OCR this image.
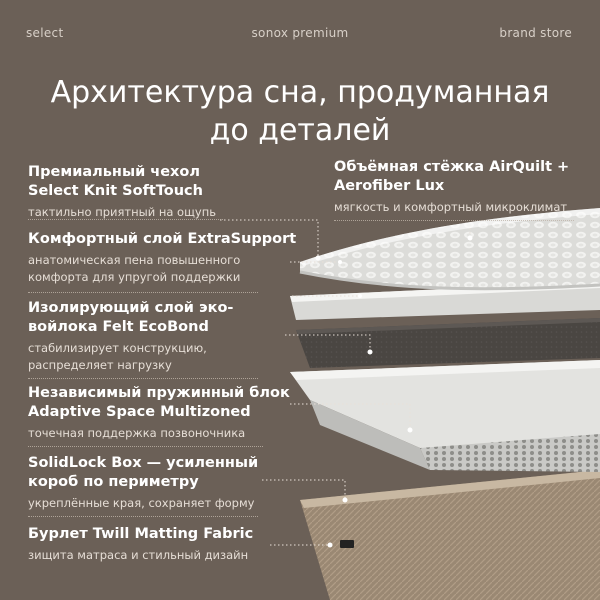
select	sonox premium	brand store
Архитектура сна, продуманная
до деталей
Премиальный чехол
Select Knit SoftTouch
тактильно приятный на ощупь
Комфортный слой ExtraSupport
анатомическая пена повышенного
комфорта для упругой поддержки
Изолирующий слой эко-
войлока Felt EcoBond
стабилизирует конструкцию,
распределяет нагрузку
Независимый пружинный блок
Adaptive Space Multizoned
точечная поддержка позвоночника
SolidLock Box — усиленный
короб по периметру
укреплённые края, сохраняет форму
Бурлет Twill Matting Fabric
зищита матраса и стильный дизайн
Объёмная стёжка AirQuilt +
Aerofiber Lux
мягкость и комфортный микроклимат
